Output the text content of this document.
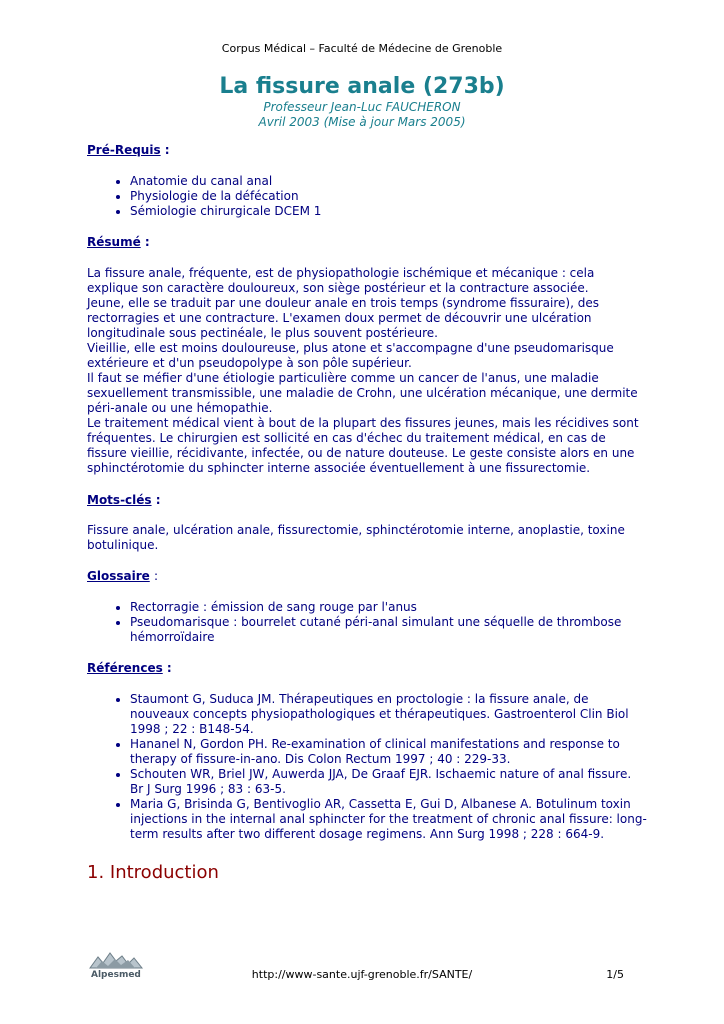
Corpus Médical – Faculté de Médecine de Grenoble
La fissure anale (273b)
Professeur Jean-Luc FAUCHERON
Avril 2003 (Mise à jour Mars 2005)

Pré-Requis :

• Anatomie du canal anal
• Physiologie de la défécation
• Sémiologie chirurgicale DCEM 1

Résumé :

La fissure anale, fréquente, est de physiopathologie ischémique et mécanique : cela explique son caractère douloureux, son siège postérieur et la contracture associée.

Jeune, elle se traduit par une douleur anale en trois temps (syndrome fissuraire), des rectorragies et une contracture. L'examen doux permet de découvrir une ulcération longitudinale sous pectinéale, le plus souvent postérieure.

Vieillie, elle est moins douloureuse, plus atone et s'accompagne d'une pseudomarisque extérieure et d'un pseudopolype à son pôle supérieur.

Il faut se méfier d'une étiologie particulière comme un cancer de l'anus, une maladie sexuellement transmissible, une maladie de Crohn, une ulcération mécanique, une dermite péri-anale ou une hémopathie.

Le traitement médical vient à bout de la plupart des fissures jeunes, mais les récidives sont fréquentes. Le chirurgien est sollicité en cas d'échec du traitement médical, en cas de fissure vieillie, récidivante, infectée, ou de nature douteuse. Le geste consiste alors en une sphinctérotomie du sphincter interne associée éventuellement à une fissurectomie.

Mots-clés :

Fissure anale, ulcération anale, fissurectomie, sphinctérotomie interne, anoplastie, toxine botulinique.

Glossaire :

• Rectorragie : émission de sang rouge par l'anus
• Pseudomarisque : bourrelet cutané péri-anal simulant une séquelle de thrombose hémorroïdaire

Références :

• Staumont G, Suduca JM. Thérapeutiques en proctologie : la fissure anale, de nouveaux concepts physiopathologiques et thérapeutiques. Gastroenterol Clin Biol 1998 ; 22 : B148-54.
• Hananel N, Gordon PH. Re-examination of clinical manifestations and response to therapy of fissure-in-ano. Dis Colon Rectum 1997 ; 40 : 229-33.
• Schouten WR, Briel JW, Auwerda JJA, De Graaf EJR. Ischaemic nature of anal fissure. Br J Surg 1996 ; 83 : 63-5.
• Maria G, Brisinda G, Bentivoglio AR, Cassetta E, Gui D, Albanese A. Botulinum toxin injections in the internal anal sphincter for the treatment of chronic anal fissure: long-term results after two different dosage regimens. Ann Surg 1998 ; 228 : 664-9.
1. Introduction
Alpesmed	http://www-sante.ujf-grenoble.fr/SANTE/	1/5
